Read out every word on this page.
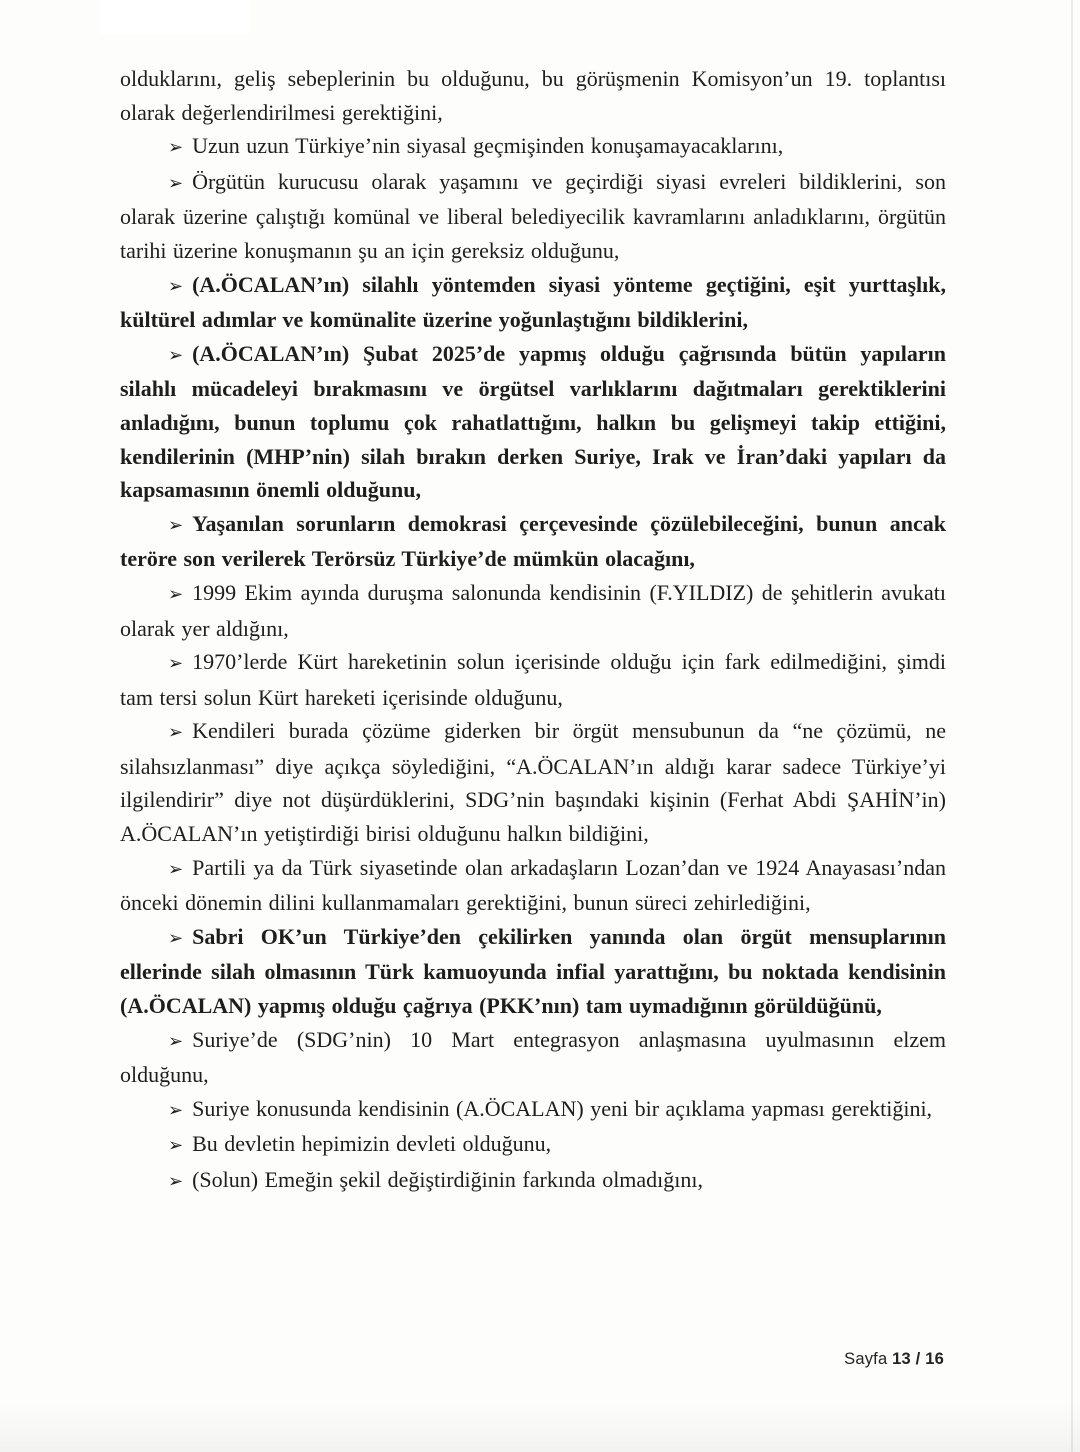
olduklarını, geliş sebeplerinin bu olduğunu, bu görüşmenin Komisyon’un 19. toplantısı olarak değerlendirilmesi gerektiğini,

➢ Uzun uzun Türkiye’nin siyasal geçmişinden konuşamayacaklarını,

➢ Örgütün kurucusu olarak yaşamını ve geçirdiği siyasi evreleri bildiklerini, son olarak üzerine çalıştığı komünal ve liberal belediyecilik kavramlarını anladıklarını, örgütün tarihi üzerine konuşmanın şu an için gereksiz olduğunu,

➢ (A.ÖCALAN’ın) silahlı yöntemden siyasi yönteme geçtiğini, eşit yurttaşlık, kültürel adımlar ve komünalite üzerine yoğunlaştığını bildiklerini,

➢ (A.ÖCALAN’ın) Şubat 2025’de yapmış olduğu çağrısında bütün yapıların silahlı mücadeleyi bırakmasını ve örgütsel varlıklarını dağıtmaları gerektiklerini anladığını, bunun toplumu çok rahatlattığını, halkın bu gelişmeyi takip ettiğini, kendilerinin (MHP’nin) silah bırakın derken Suriye, Irak ve İran’daki yapıları da kapsamasının önemli olduğunu,

➢ Yaşanılan sorunların demokrasi çerçevesinde çözülebileceğini, bunun ancak teröre son verilerek Terörsüz Türkiye’de mümkün olacağını,

➢ 1999 Ekim ayında duruşma salonunda kendisinin (F.YILDIZ) de şehitlerin avukatı olarak yer aldığını,

➢ 1970’lerde Kürt hareketinin solun içerisinde olduğu için fark edilmediğini, şimdi tam tersi solun Kürt hareketi içerisinde olduğunu,

➢ Kendileri burada çözüme giderken bir örgüt mensubunun da “ne çözümü, ne silahsızlanması” diye açıkça söylediğini, “A.ÖCALAN’ın aldığı karar sadece Türkiye’yi ilgilendirir” diye not düşürdüklerini, SDG’nin başındaki kişinin (Ferhat Abdi ŞAHİN’in) A.ÖCALAN’ın yetiştirdiği birisi olduğunu halkın bildiğini,

➢ Partili ya da Türk siyasetinde olan arkadaşların Lozan’dan ve 1924 Anayasası’ndan önceki dönemin dilini kullanmamaları gerektiğini, bunun süreci zehirlediğini,

➢ Sabri OK’un Türkiye’den çekilirken yanında olan örgüt mensuplarının ellerinde silah olmasının Türk kamuoyunda infial yarattığını, bu noktada kendisinin (A.ÖCALAN) yapmış olduğu çağrıya (PKK’nın) tam uymadığının görüldüğünü,

➢ Suriye’de (SDG’nin) 10 Mart entegrasyon anlaşmasına uyulmasının elzem olduğunu,

➢ Suriye konusunda kendisinin (A.ÖCALAN) yeni bir açıklama yapması gerektiğini,

➢ Bu devletin hepimizin devleti olduğunu,

➢ (Solun) Emeğin şekil değiştirdiğinin farkında olmadığını,

Sayfa 13 / 16
